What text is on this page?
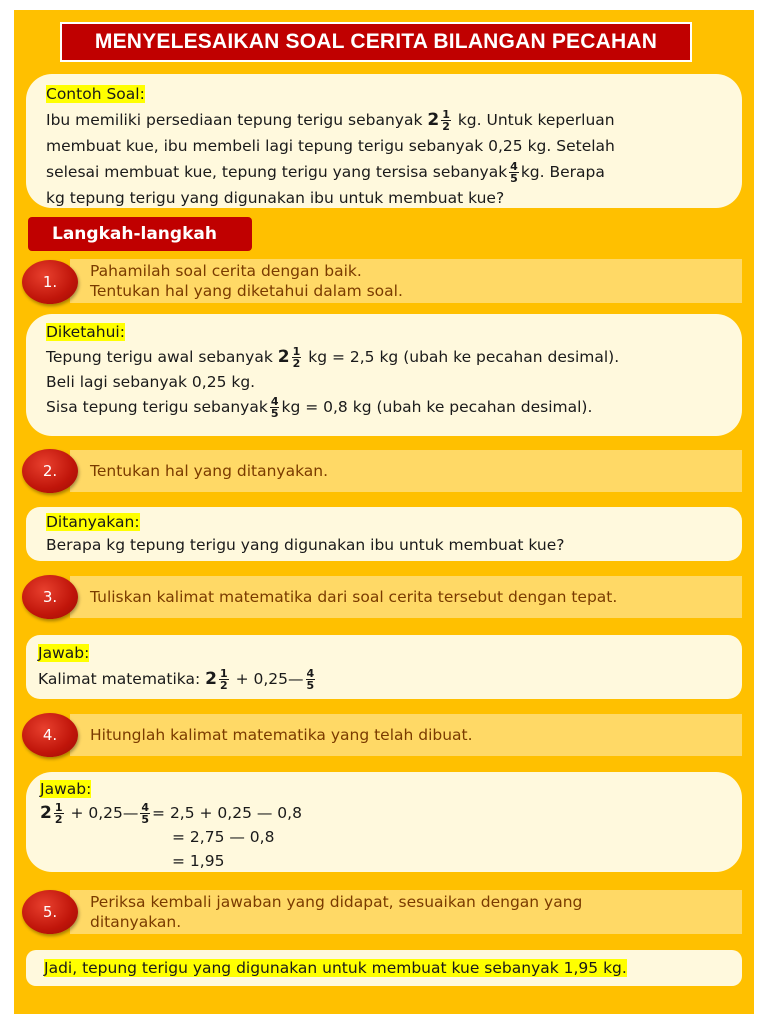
MENYELESAIKAN SOAL CERITA BILANGAN PECAHAN

Contoh Soal:

Ibu memiliki persediaan tepung terigu sebanyak $2 \frac{1}{2}$ kg. Untuk keperluan

membuat kue, ibu membeli lagi tepung terigu sebanyak 0,25 kg. Setelah

selesai membuat kue, tepung terigu yang tersisa sebanyak $\frac{4}{5}$ kg. Berapa

kg tepung terigu yang digunakan ibu untuk membuat kue?

Langkah-langkah
Pahamilah soal cerita dengan baik.
Tentukan hal yang diketahui dalam soal.
1.

Diketahui:

Tepung terigu awal sebanyak $2 \frac{1}{2}$ kg = 2,5 kg (ubah ke pecahan desimal).

Beli lagi sebanyak 0,25 kg.

Sisa tepung terigu sebanyak $\frac{4}{5}$ kg = 0,8 kg (ubah ke pecahan desimal).

Tentukan hal yang ditanyakan.
2.

Ditanyakan:

Berapa kg tepung terigu yang digunakan ibu untuk membuat kue?

Tuliskan kalimat matematika dari soal cerita tersebut dengan tepat.
3.

Jawab:

Kalimat matematika: $2 \frac{1}{2}$ + 0,25— $\frac{4}{5}$

Hitunglah kalimat matematika yang telah dibuat.
4.

Jawab:

$2 \frac{1}{2}$ + 0,25— $\frac{4}{5} = 2,5 + 0,25$ — 0,8

= 2,75 — 0,8

= 1,95

Periksa kembali jawaban yang didapat, sesuaikan dengan yang
ditanyakan.
5.

Jadi, tepung terigu yang digunakan untuk membuat kue sebanyak 1,95 kg.
